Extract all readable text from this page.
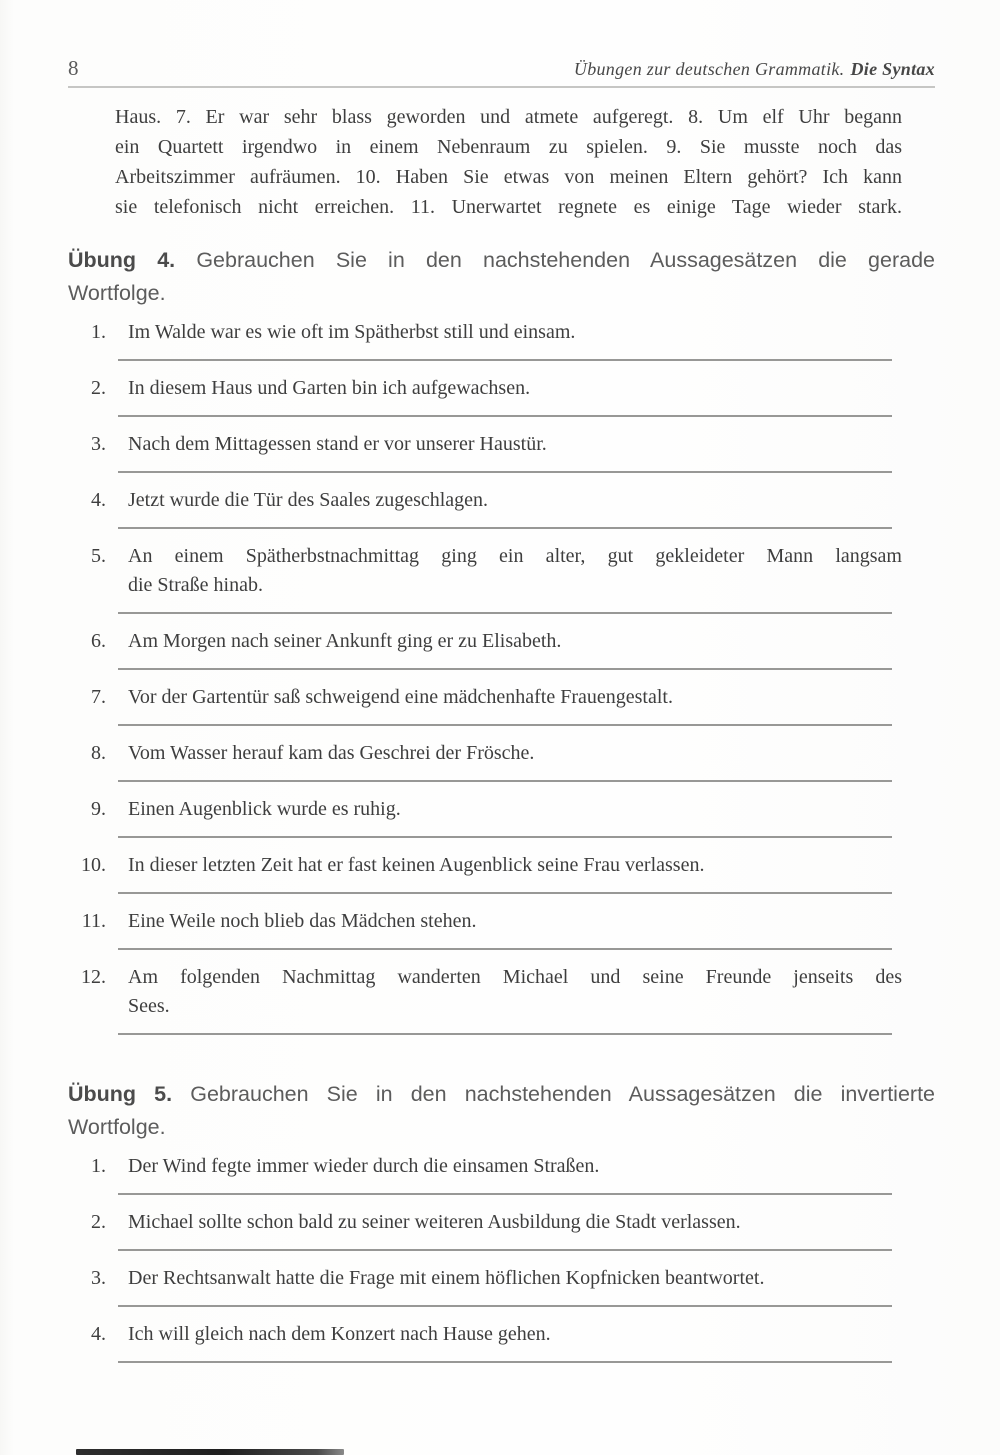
8	Übungen zur deutschen Grammatik. Die Syntax
Haus. 7. Er war sehr blass geworden und atmete aufgeregt. 8. Um elf Uhr begann
ein Quartett irgendwo in einem Nebenraum zu spielen. 9. Sie musste noch das
Arbeitszimmer aufräumen. 10. Haben Sie etwas von meinen Eltern gehört? Ich kann
sie telefonisch nicht erreichen. 11. Unerwartet regnete es einige Tage wieder stark.
Übung 4. Gebrauchen Sie in den nachstehenden Aussagesätzen die gerade
Wortfolge.
1. Im Walde war es wie oft im Spätherbst still und einsam.
2. In diesem Haus und Garten bin ich aufgewachsen.
3. Nach dem Mittagessen stand er vor unserer Haustür.
4. Jetzt wurde die Tür des Saales zugeschlagen.
5. An einem Spätherbstnachmittag ging ein alter, gut gekleideter Mann langsam
die Straße hinab.
6. Am Morgen nach seiner Ankunft ging er zu Elisabeth.
7. Vor der Gartentür saß schweigend eine mädchenhafte Frauengestalt.
8. Vom Wasser herauf kam das Geschrei der Frösche.
9. Einen Augenblick wurde es ruhig.
10. In dieser letzten Zeit hat er fast keinen Augenblick seine Frau verlassen.
11. Eine Weile noch blieb das Mädchen stehen.
12. Am folgenden Nachmittag wanderten Michael und seine Freunde jenseits des
Sees.
Übung 5. Gebrauchen Sie in den nachstehenden Aussagesätzen die invertierte
Wortfolge.
1. Der Wind fegte immer wieder durch die einsamen Straßen.
2. Michael sollte schon bald zu seiner weiteren Ausbildung die Stadt verlassen.
3. Der Rechtsanwalt hatte die Frage mit einem höflichen Kopfnicken beantwortet.
4. Ich will gleich nach dem Konzert nach Hause gehen.
